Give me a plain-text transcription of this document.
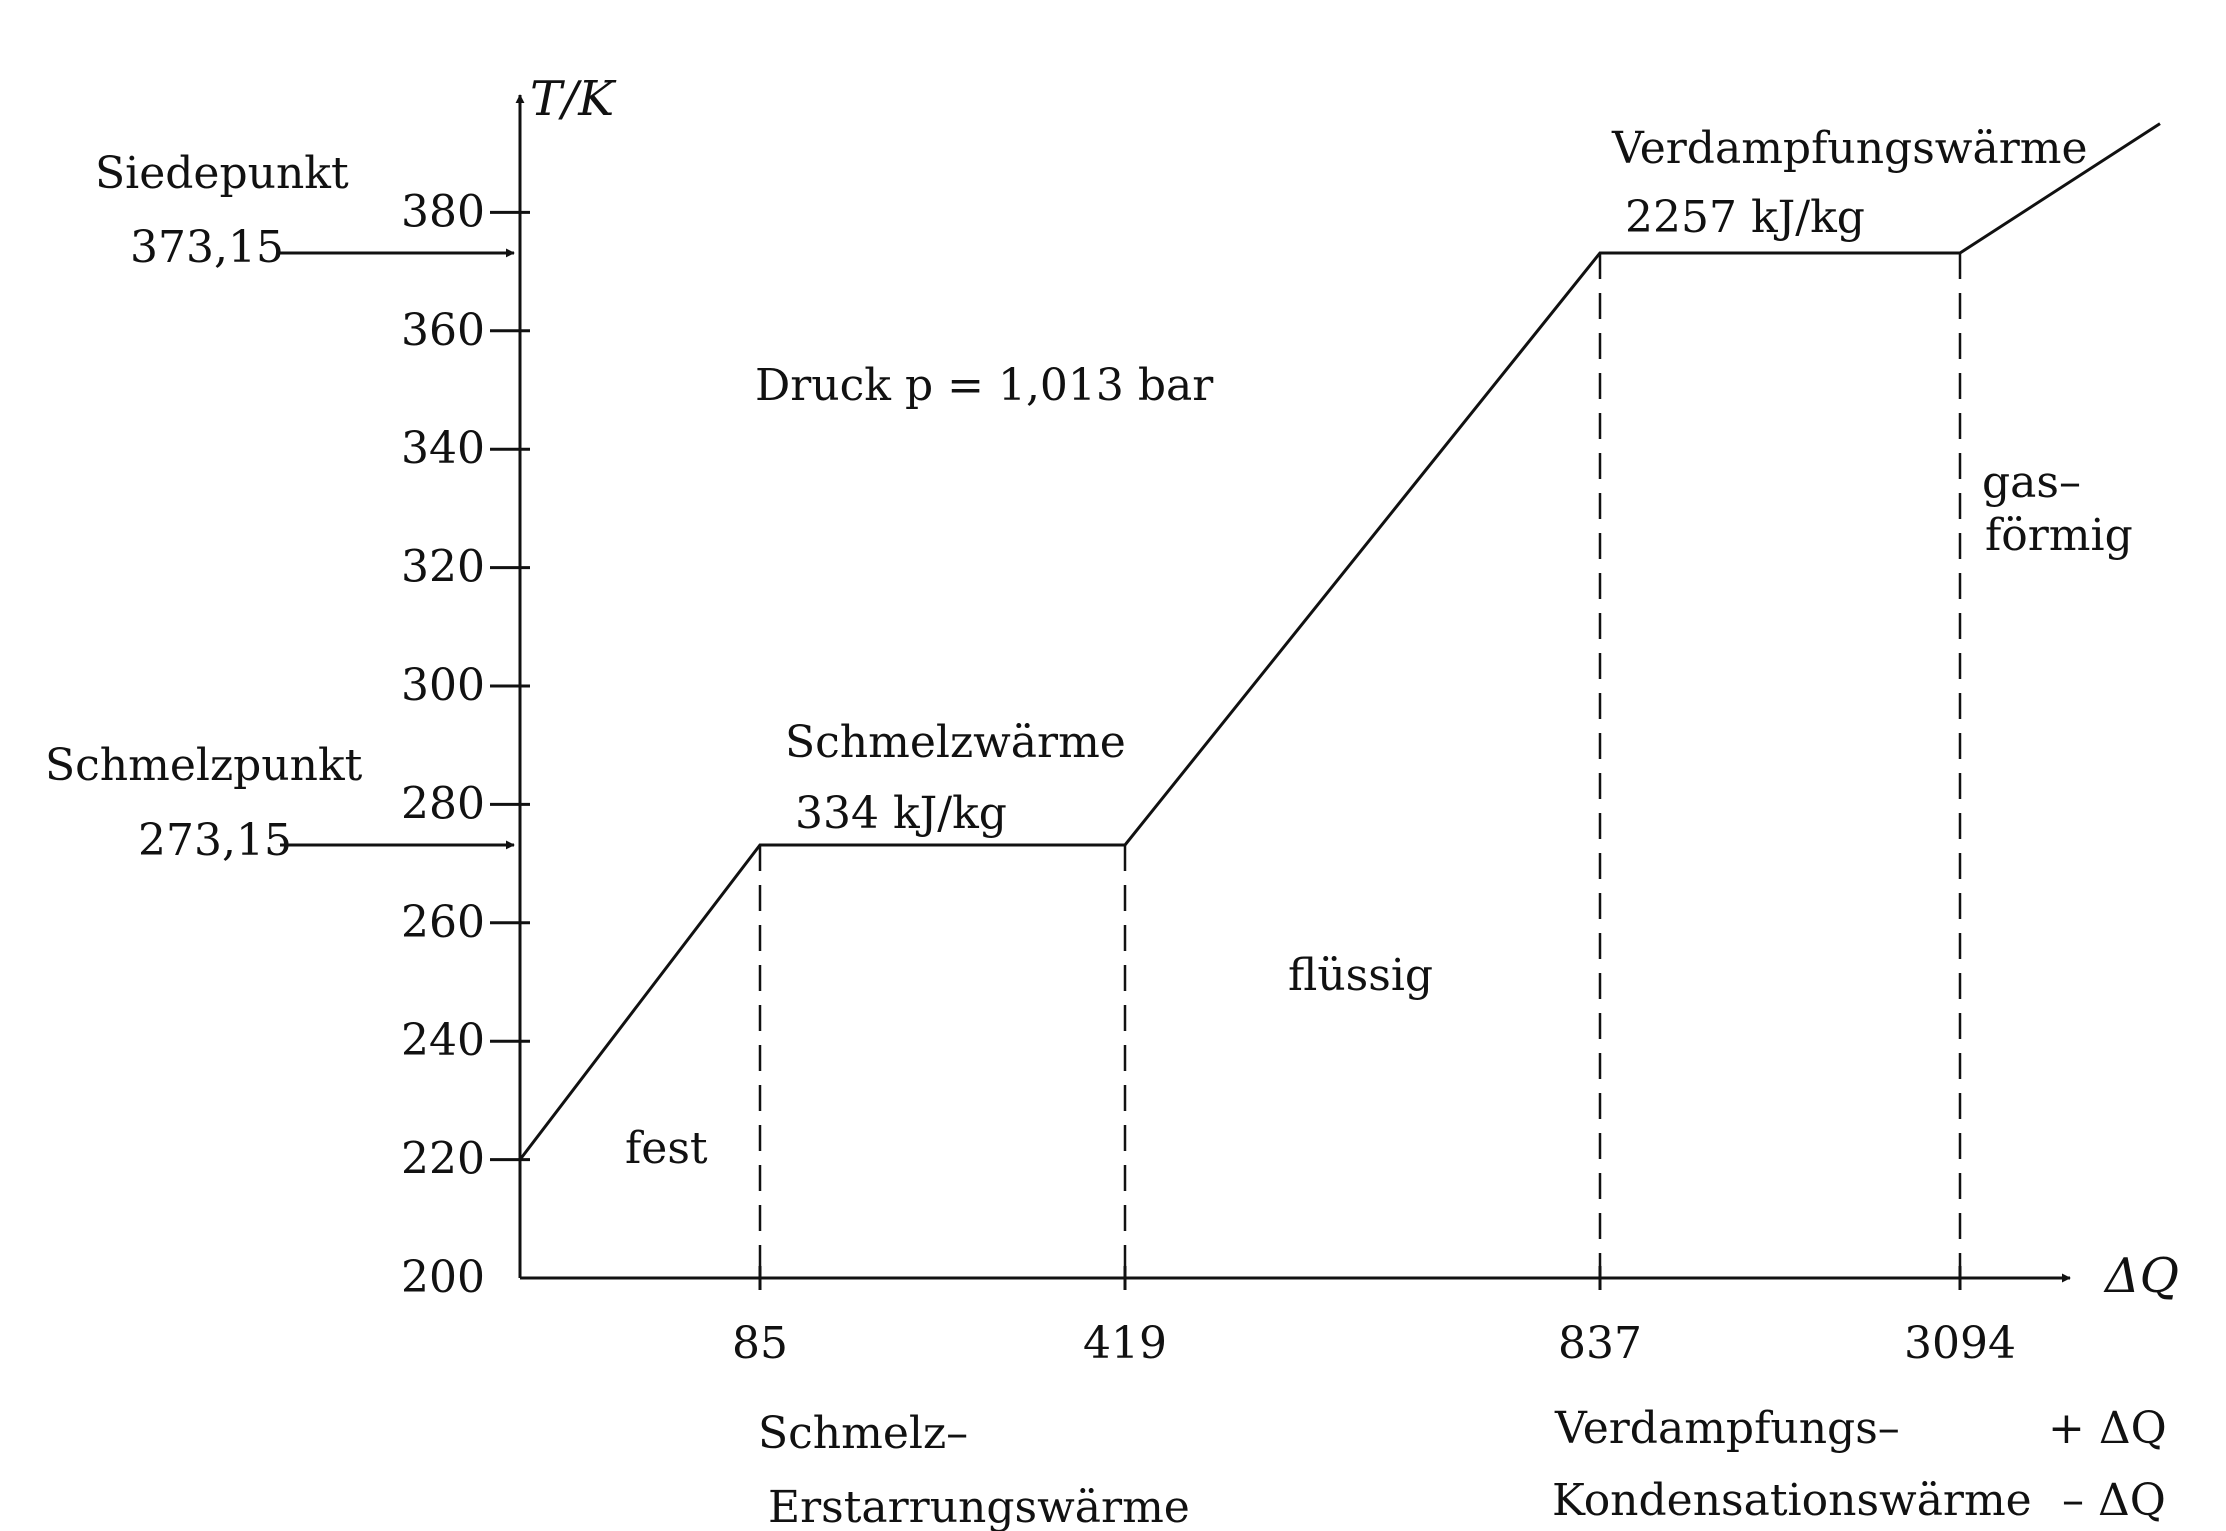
200
220
240
260
280
300
320
340
360
380
85	419	837	3094
T/K
ΔQ
Siedepunkt
373,15
Schmelzpunkt
273,15
Druck p = 1,013 bar
Schmelzwärme
334 kJ/kg
Verdampfungswärme
2257 kJ/kg
fest
flüssig
gas–
förmig
Schmelz–
Erstarrungswärme
Verdampfungs–
Kondensationswärme
+ ΔQ
– ΔQ
